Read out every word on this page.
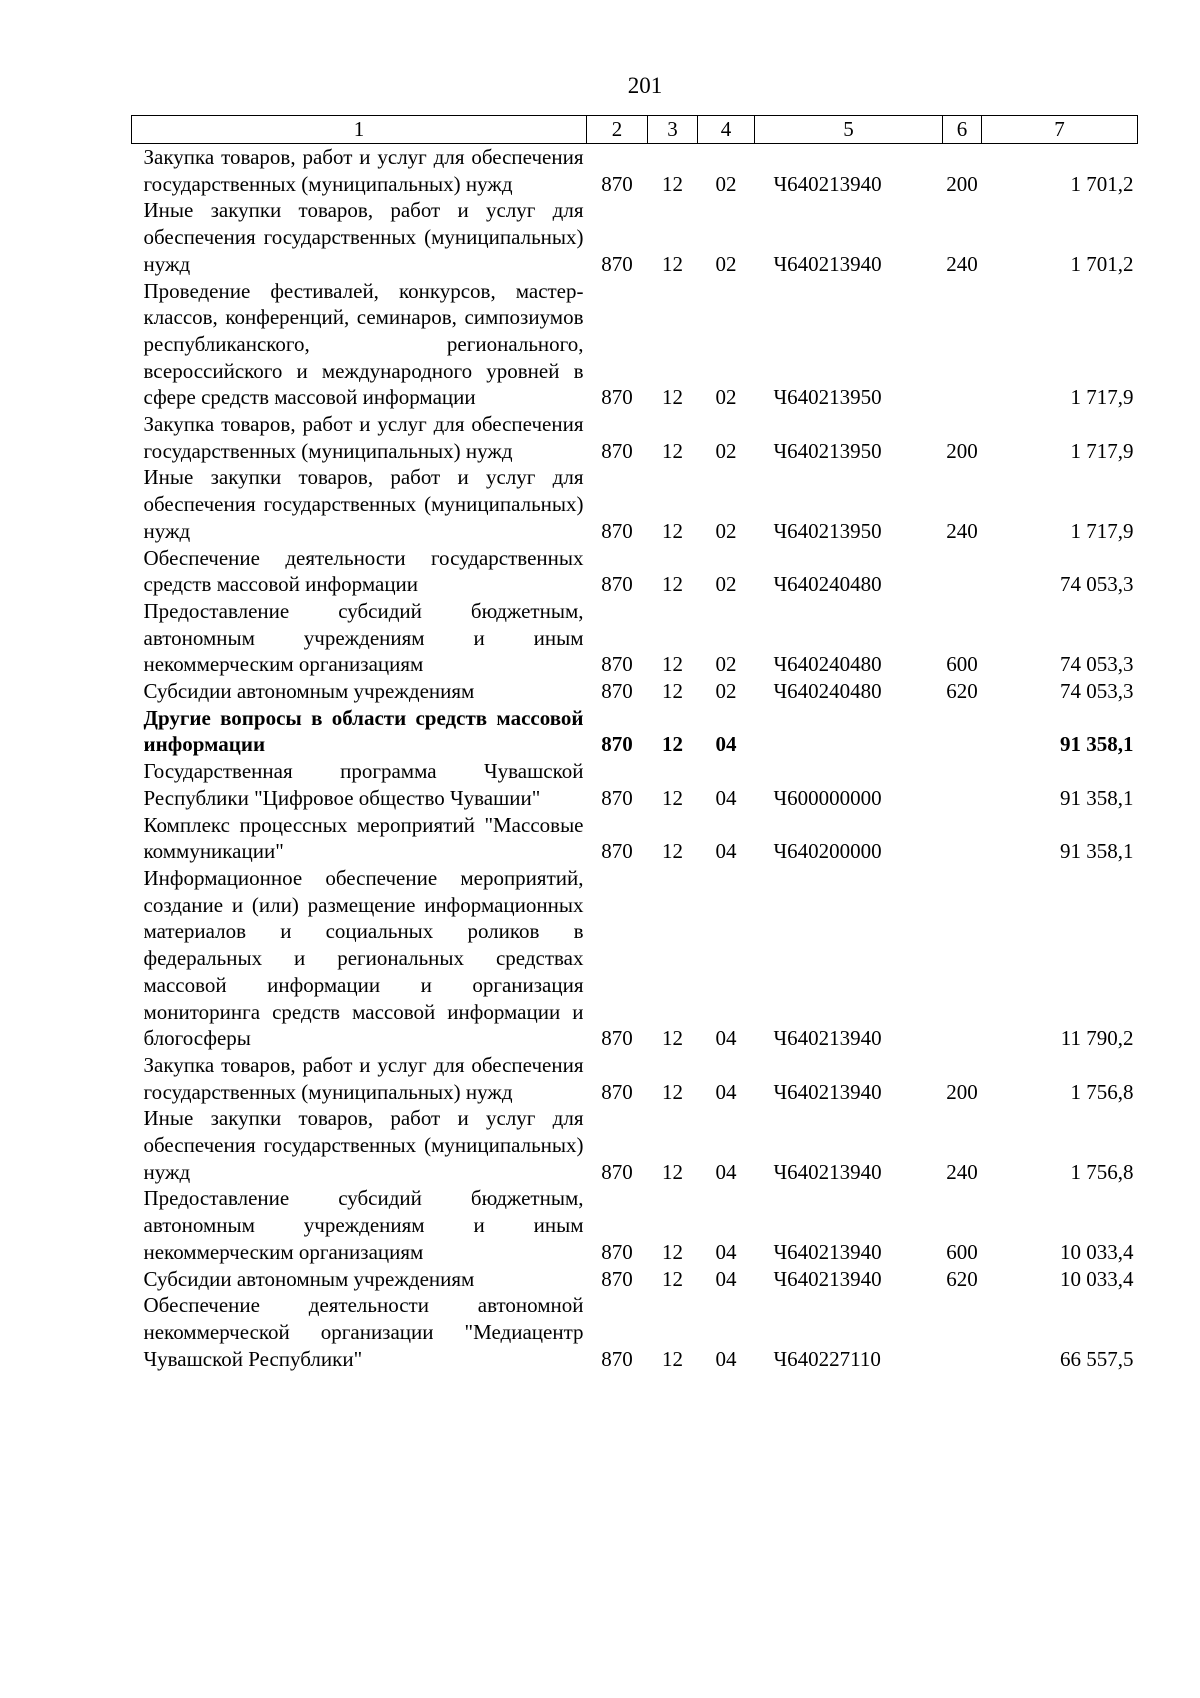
201
1	2	3	4	5	6	7
Закупка товаров, работ и услуг для обеспечения государственных (муниципальных) нужд	870	12	02	Ч640213940	200	1 701,2
Иные закупки товаров, работ и услуг для обеспечения государственных (муниципальных) нужд	870	12	02	Ч640213940	240	1 701,2
Проведение фестивалей, конкурсов, мастер-классов, конференций, семинаров, симпозиумов республиканского, регионального, всероссийского и международного уровней в сфере средств массовой информации	870	12	02	Ч640213950		1 717,9
Закупка товаров, работ и услуг для обеспечения государственных (муниципальных) нужд	870	12	02	Ч640213950	200	1 717,9
Иные закупки товаров, работ и услуг для обеспечения государственных (муниципальных) нужд	870	12	02	Ч640213950	240	1 717,9
Обеспечение деятельности государственных средств массовой информации	870	12	02	Ч640240480		74 053,3
Предоставление субсидий бюджетным, автономным учреждениям и иным некоммерческим организациям	870	12	02	Ч640240480	600	74 053,3
Субсидии автономным учреждениям	870	12	02	Ч640240480	620	74 053,3
Другие вопросы в области средств массовой информации	870	12	04			91 358,1
Государственная программа Чувашской Республики "Цифровое общество Чувашии"	870	12	04	Ч600000000		91 358,1
Комплекс процессных мероприятий "Массовые коммуникации"	870	12	04	Ч640200000		91 358,1
Информационное обеспечение мероприятий, создание и (или) размещение информационных материалов и социальных роликов в федеральных и региональных средствах массовой информации и организация мониторинга средств массовой информации и блогосферы	870	12	04	Ч640213940		11 790,2
Закупка товаров, работ и услуг для обеспечения государственных (муниципальных) нужд	870	12	04	Ч640213940	200	1 756,8
Иные закупки товаров, работ и услуг для обеспечения государственных (муниципальных) нужд	870	12	04	Ч640213940	240	1 756,8
Предоставление субсидий бюджетным, автономным учреждениям и иным некоммерческим организациям	870	12	04	Ч640213940	600	10 033,4
Субсидии автономным учреждениям	870	12	04	Ч640213940	620	10 033,4
Обеспечение деятельности автономной некоммерческой организации "Медиацентр Чувашской Республики"	870	12	04	Ч640227110		66 557,5
